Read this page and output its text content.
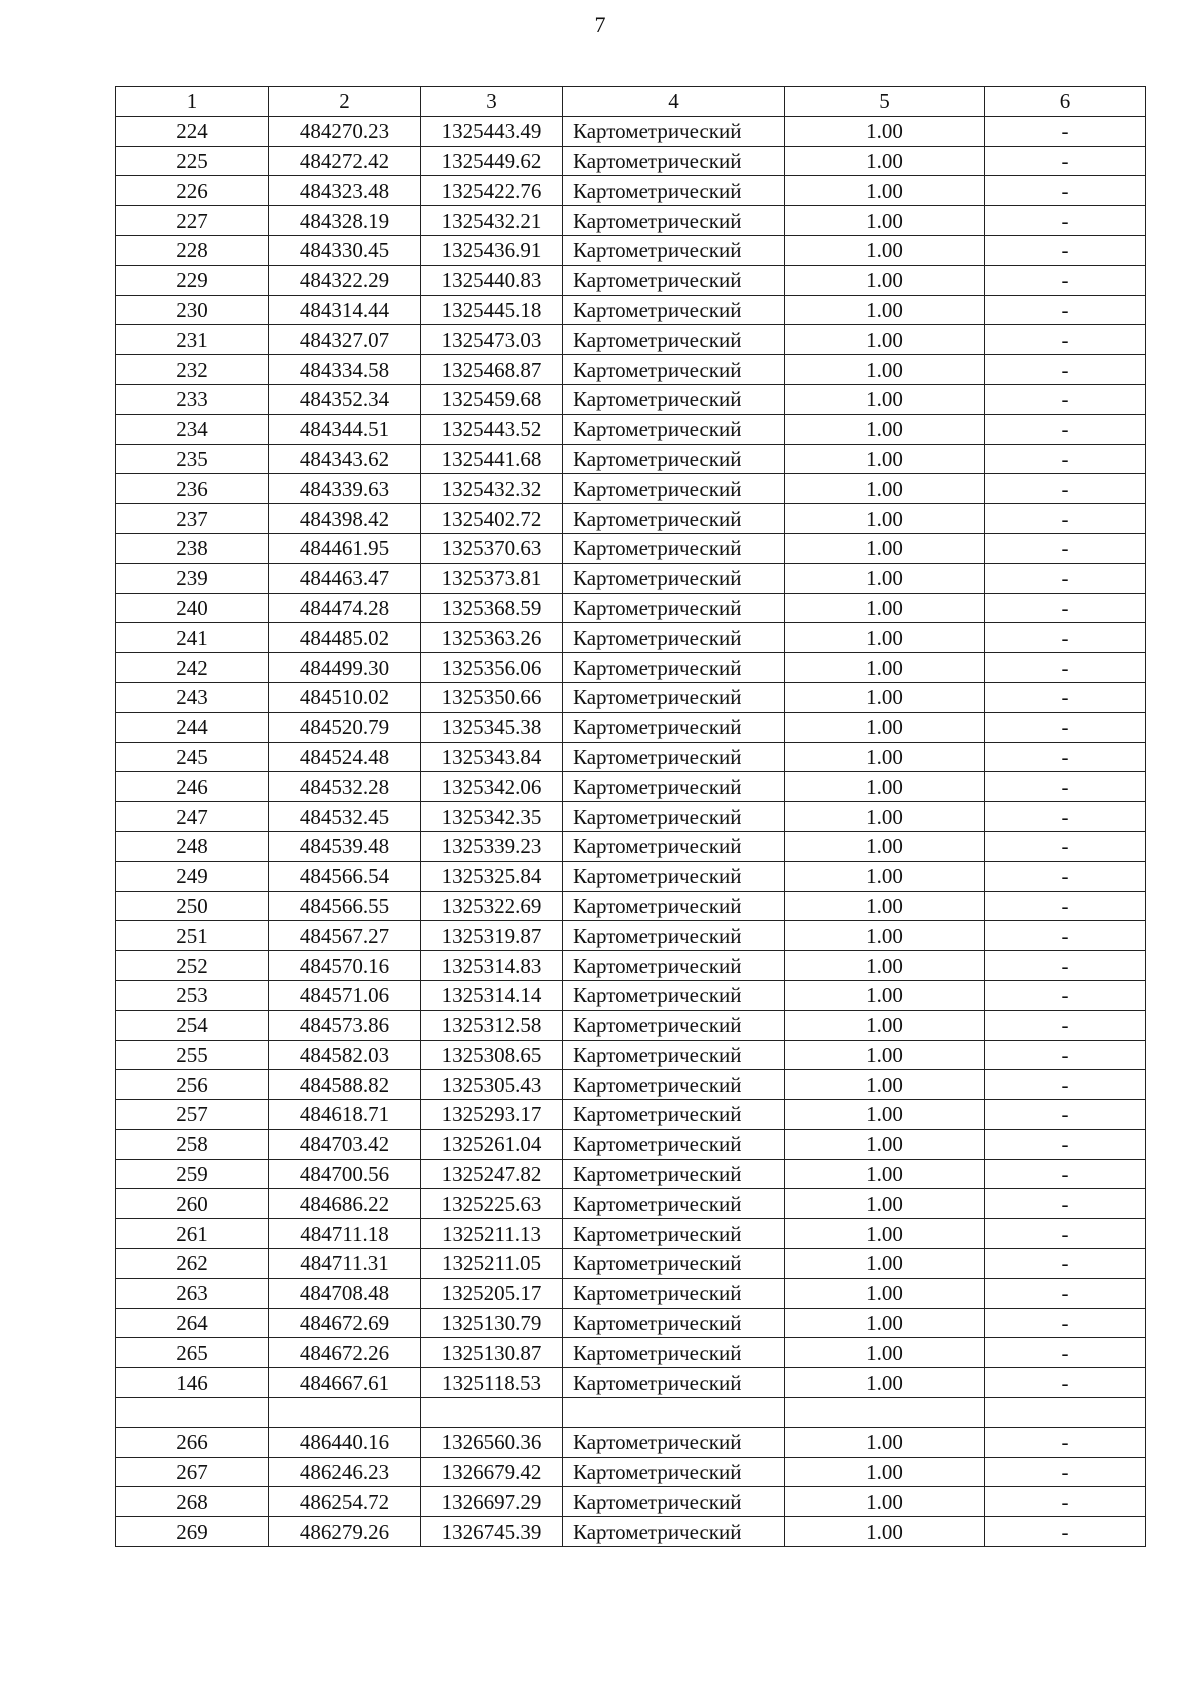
7
1	2	3	4	5	6
224	484270.23	1325443.49	Картометрический	1.00	-
225	484272.42	1325449.62	Картометрический	1.00	-
226	484323.48	1325422.76	Картометрический	1.00	-
227	484328.19	1325432.21	Картометрический	1.00	-
228	484330.45	1325436.91	Картометрический	1.00	-
229	484322.29	1325440.83	Картометрический	1.00	-
230	484314.44	1325445.18	Картометрический	1.00	-
231	484327.07	1325473.03	Картометрический	1.00	-
232	484334.58	1325468.87	Картометрический	1.00	-
233	484352.34	1325459.68	Картометрический	1.00	-
234	484344.51	1325443.52	Картометрический	1.00	-
235	484343.62	1325441.68	Картометрический	1.00	-
236	484339.63	1325432.32	Картометрический	1.00	-
237	484398.42	1325402.72	Картометрический	1.00	-
238	484461.95	1325370.63	Картометрический	1.00	-
239	484463.47	1325373.81	Картометрический	1.00	-
240	484474.28	1325368.59	Картометрический	1.00	-
241	484485.02	1325363.26	Картометрический	1.00	-
242	484499.30	1325356.06	Картометрический	1.00	-
243	484510.02	1325350.66	Картометрический	1.00	-
244	484520.79	1325345.38	Картометрический	1.00	-
245	484524.48	1325343.84	Картометрический	1.00	-
246	484532.28	1325342.06	Картометрический	1.00	-
247	484532.45	1325342.35	Картометрический	1.00	-
248	484539.48	1325339.23	Картометрический	1.00	-
249	484566.54	1325325.84	Картометрический	1.00	-
250	484566.55	1325322.69	Картометрический	1.00	-
251	484567.27	1325319.87	Картометрический	1.00	-
252	484570.16	1325314.83	Картометрический	1.00	-
253	484571.06	1325314.14	Картометрический	1.00	-
254	484573.86	1325312.58	Картометрический	1.00	-
255	484582.03	1325308.65	Картометрический	1.00	-
256	484588.82	1325305.43	Картометрический	1.00	-
257	484618.71	1325293.17	Картометрический	1.00	-
258	484703.42	1325261.04	Картометрический	1.00	-
259	484700.56	1325247.82	Картометрический	1.00	-
260	484686.22	1325225.63	Картометрический	1.00	-
261	484711.18	1325211.13	Картометрический	1.00	-
262	484711.31	1325211.05	Картометрический	1.00	-
263	484708.48	1325205.17	Картометрический	1.00	-
264	484672.69	1325130.79	Картометрический	1.00	-
265	484672.26	1325130.87	Картометрический	1.00	-
146	484667.61	1325118.53	Картометрический	1.00	-

266	486440.16	1326560.36	Картометрический	1.00	-
267	486246.23	1326679.42	Картометрический	1.00	-
268	486254.72	1326697.29	Картометрический	1.00	-
269	486279.26	1326745.39	Картометрический	1.00	-
